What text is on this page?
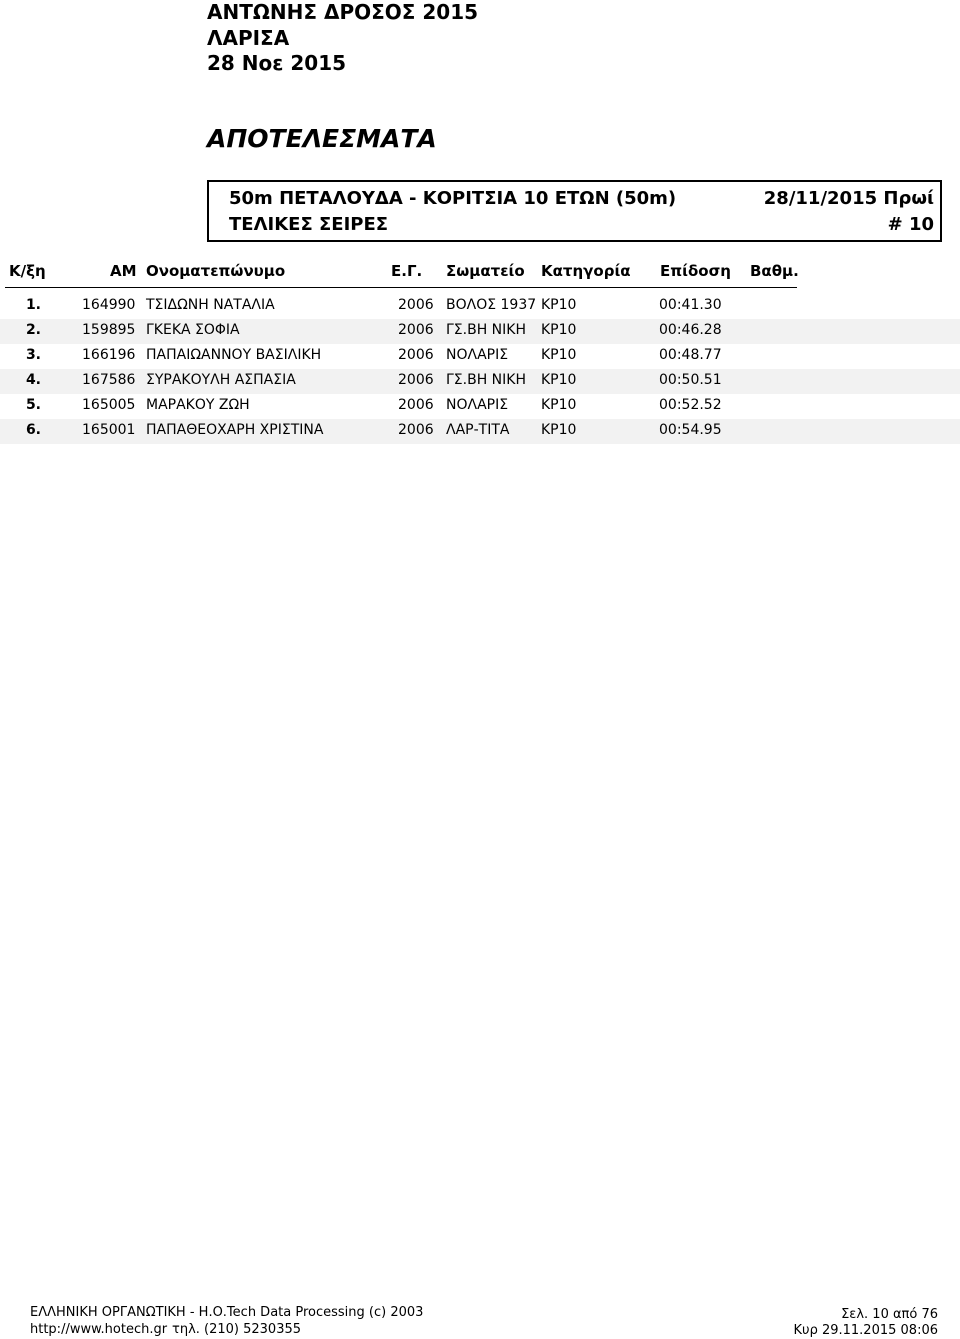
ΑΝΤΩΝΗΣ ΔΡΟΣΟΣ 2015
ΛΑΡΙΣΑ
28 Νοε 2015
ΑΠΟΤΕΛΕΣΜΑΤΑ
50m ΠΕΤΑΛΟΥΔΑ - ΚΟΡΙΤΣΙΑ 10 ΕΤΩΝ (50m)	28/11/2015 Πρωί
ΤΕΛΙΚΕΣ ΣΕΙΡΕΣ	# 10
Κ/ξη	ΑΜ Ονοματεπώνυμο	Ε.Γ. Σωματείο Κατηγορία Επίδοση Βαθμ.
1.	164990 ΤΣΙΔΩΝΗ ΝΑΤΑΛΙΑ	2006 ΒΟΛΟΣ 1937 ΚΡ10	00:41.30
2.	159895 ΓΚΕΚΑ ΣΟΦΙΑ	2006 ΓΣ.ΒΗ ΝΙΚΗ ΚΡ10	00:46.28
3.	166196 ΠΑΠΑΙΩΑΝΝΟΥ ΒΑΣΙΛΙΚΗ	2006 ΝΟΛΑΡΙΣ ΚΡ10	00:48.77
4.	167586 ΣΥΡΑΚΟΥΛΗ ΑΣΠΑΣΙΑ	2006 ΓΣ.ΒΗ ΝΙΚΗ ΚΡ10	00:50.51
5.	165005 ΜΑΡΑΚΟΥ ΖΩΗ	2006 ΝΟΛΑΡΙΣ ΚΡ10	00:52.52
6.	165001 ΠΑΠΑΘΕΟΧΑΡΗ ΧΡΙΣΤΙΝΑ	2006 ΛΑΡ-ΤΙΤΑ ΚΡ10	00:54.95
ΕΛΛΗΝΙΚΗ ΟΡΓΑΝΩΤΙΚΗ - Η.Ο.Tech Data Processing (c) 2003
http://www.hotech.gr τηλ. (210) 5230355
Σελ. 10 από 76
Κυρ 29.11.2015 08:06
